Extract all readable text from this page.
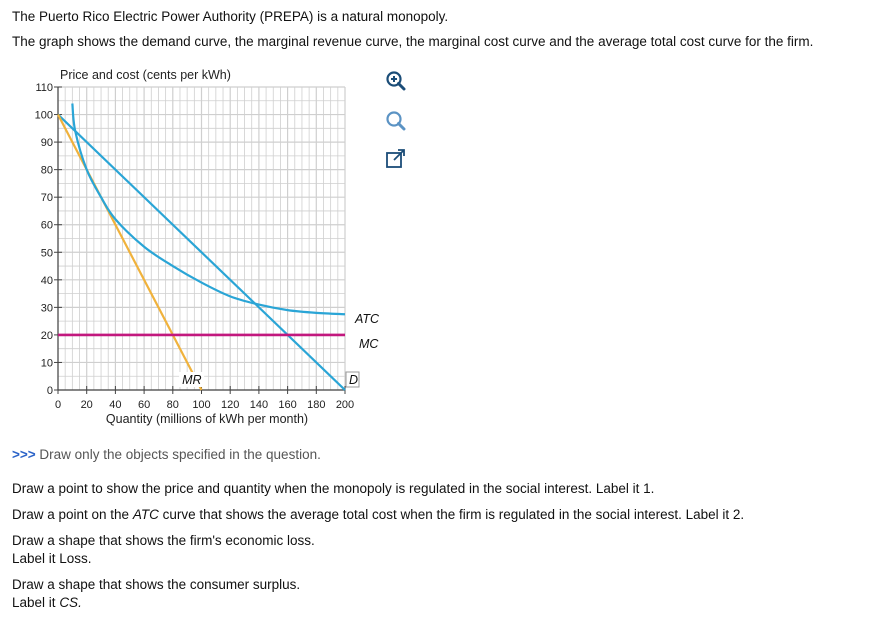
The Puerto Rico Electric Power Authority (PREPA) is a natural monopoly.
The graph shows the demand curve, the marginal revenue curve, the marginal cost curve and the average total cost curve for the firm.
0
10
20
30
40
50
60
70
80
90
100
110
0 20 40 60 80 100 120 140 160 180 200
ATC
MC
MR	D
Price and cost (cents per kWh)
Quantity (millions of kWh per month)

>>> Draw only the objects specified in the question.

Draw a point to show the price and quantity when the monopoly is regulated in the social interest. Label it 1.

Draw a point on the ATC curve that shows the average total cost when the firm is regulated in the social interest. Label it 2.

Draw a shape that shows the firm's economic loss.
Label it Loss.

Draw a shape that shows the consumer surplus.
Label it CS.
